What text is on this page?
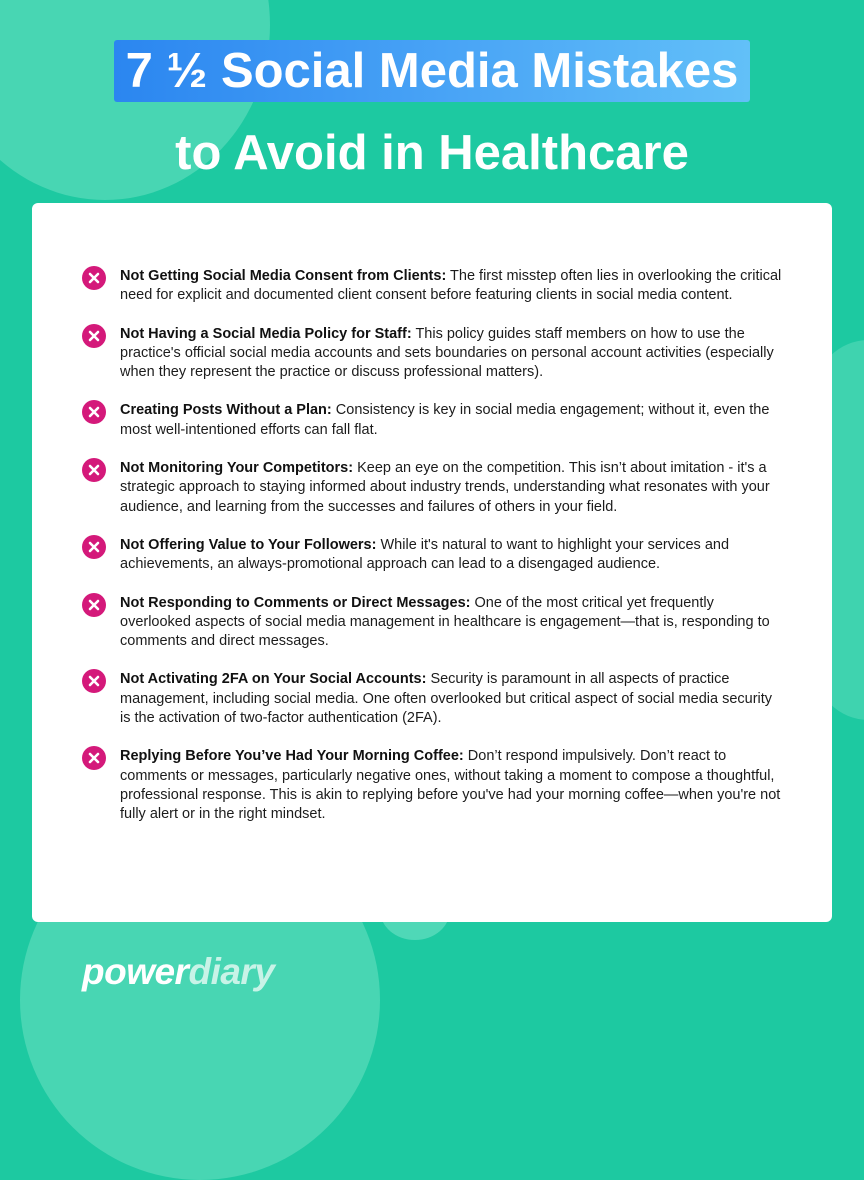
7 ½ Social Media Mistakes
to Avoid in Healthcare
Not Getting Social Media Consent from Clients: The first misstep often lies in overlooking the critical need for explicit and documented client consent before featuring clients in social media content.
Not Having a Social Media Policy for Staff: This policy guides staff members on how to use the practice's official social media accounts and sets boundaries on personal account activities (especially when they represent the practice or discuss professional matters).
Creating Posts Without a Plan: Consistency is key in social media engagement; without it, even the most well-intentioned efforts can fall flat.
Not Monitoring Your Competitors: Keep an eye on the competition. This isn’t about imitation - it's a strategic approach to staying informed about industry trends, understanding what resonates with your audience, and learning from the successes and failures of others in your field.
Not Offering Value to Your Followers: While it's natural to want to highlight your services and achievements, an always-promotional approach can lead to a disengaged audience.
Not Responding to Comments or Direct Messages: One of the most critical yet frequently overlooked aspects of social media management in healthcare is engagement—that is, responding to comments and direct messages.
Not Activating 2FA on Your Social Accounts: Security is paramount in all aspects of practice management, including social media. One often overlooked but critical aspect of social media security is the activation of two-factor authentication (2FA).
Replying Before You’ve Had Your Morning Coffee: Don’t respond impulsively. Don’t react to comments or messages, particularly negative ones, without taking a moment to compose a thoughtful, professional response. This is akin to replying before you've had your morning coffee—when you're not fully alert or in the right mindset.
powerdiary
